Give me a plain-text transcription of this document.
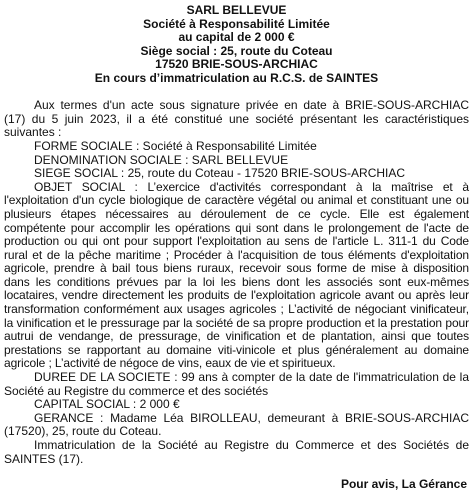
SARL BELLEVUE
Société à Responsabilité Limitée
au capital de 2 000 €
Siège social : 25, route du Coteau
17520 BRIE-SOUS-ARCHIAC
En cours d’immatriculation au R.C.S. de SAINTES

Aux termes d'un acte sous signature privée en date à BRIE-SOUS-ARCHIAC (17) du 5 juin 2023, il a été constitué une société présentant les caractéristiques suivantes :

FORME SOCIALE : Société à Responsabilité Limitée

DENOMINATION SOCIALE : SARL BELLEVUE

SIEGE SOCIAL : 25, route du Coteau - 17520 BRIE-SOUS-ARCHIAC

OBJET SOCIAL : L’exercice d'activités correspondant à la maîtrise et à l'exploitation d'un cycle biologique de caractère végétal ou animal et constituant une ou plusieurs étapes nécessaires au déroulement de ce cycle. Elle est également compétente pour accomplir les opérations qui sont dans le prolongement de l'acte de production ou qui ont pour support l'exploitation au sens de l'article L. 311-1 du Code rural et de la pêche maritime ; Procéder à l'acquisition de tous éléments d'exploitation agricole, prendre à bail tous biens ruraux, recevoir sous forme de mise à disposition dans les conditions prévues par la loi les biens dont les associés sont eux-mêmes locataires, vendre directement les produits de l'exploitation agricole avant ou après leur transformation conformément aux usages agricoles ; L’activité de négociant vinificateur, la vinification et le pressurage par la société de sa propre production et la prestation pour autrui de vendange, de pressurage, de vinification et de plantation, ainsi que toutes prestations se rapportant au domaine viti-vinicole et plus généralement au domaine agricole ; L’activité de négoce de vins, eaux de vie et spiritueux.

DUREE DE LA SOCIETE : 99 ans à compter de la date de l'immatriculation de la Société au Registre du commerce et des sociétés

CAPITAL SOCIAL : 2 000 €

GERANCE : Madame Léa BIROLLEAU, demeurant à BRIE-SOUS-ARCHIAC (17520), 25, route du Coteau.

Immatriculation de la Société au Registre du Commerce et des Sociétés de SAINTES (17).

Pour avis, La Gérance
